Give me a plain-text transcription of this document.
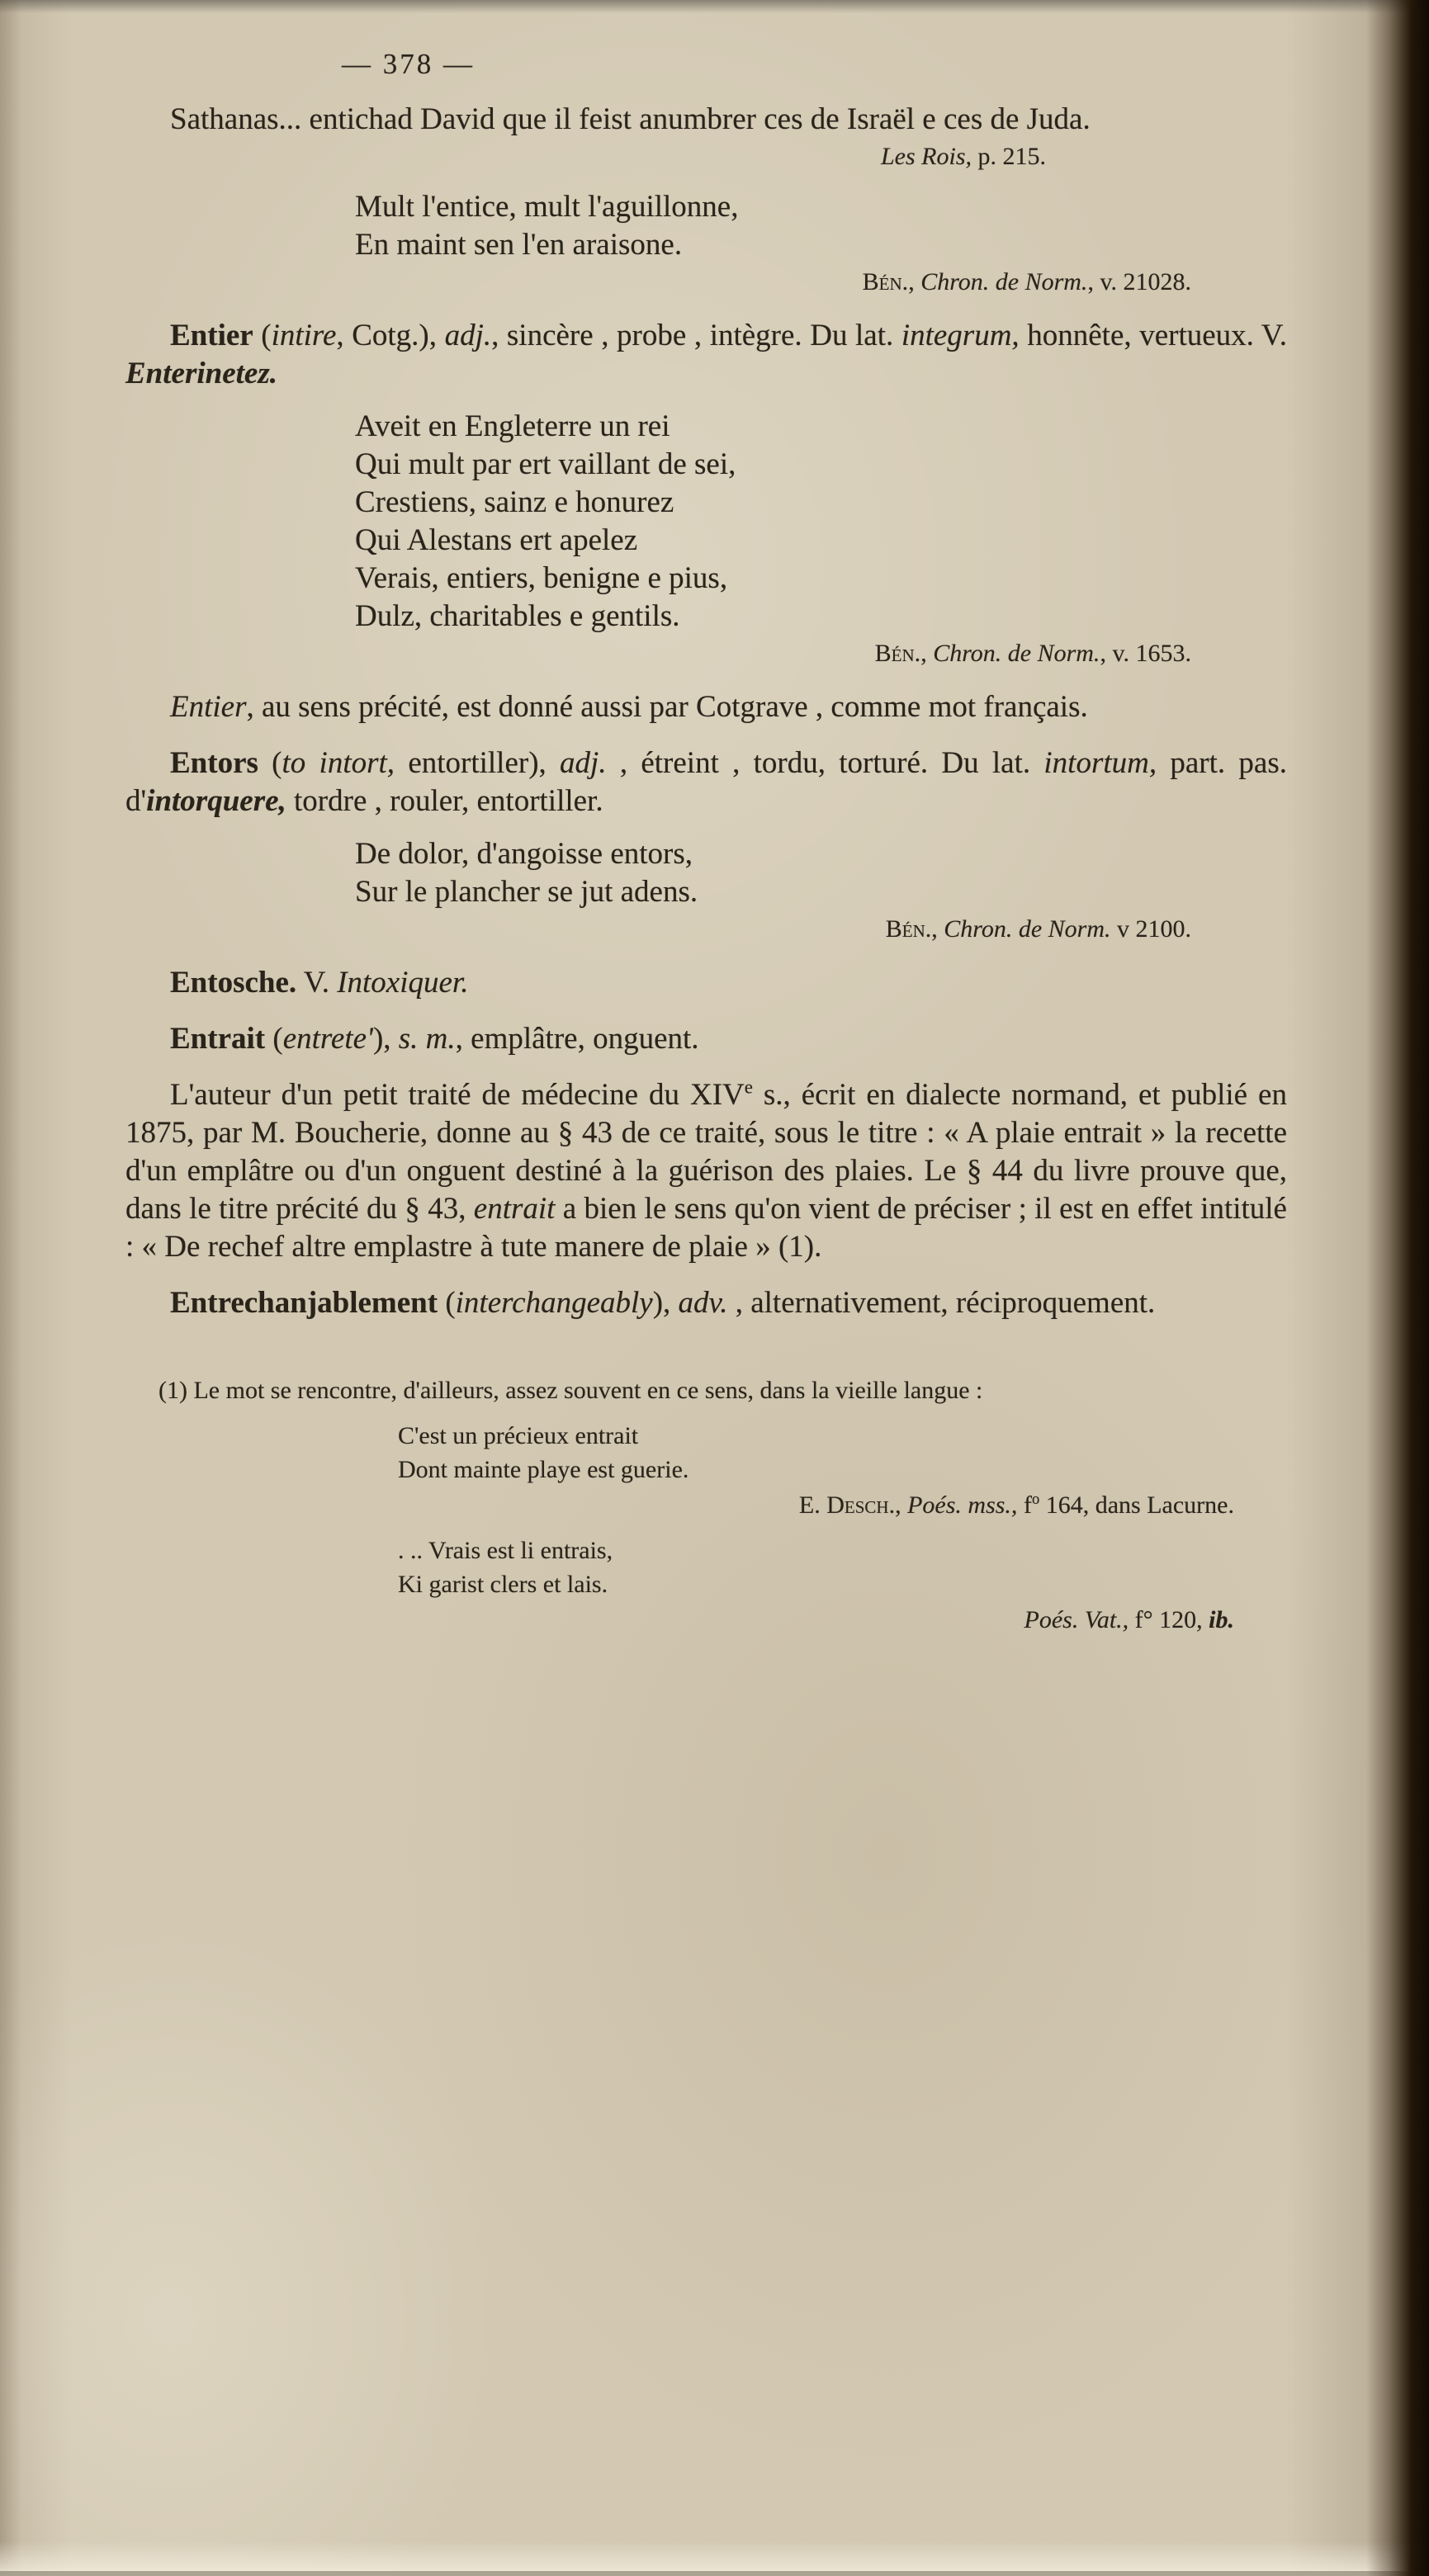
— 378 —
Sathanas... entichad David que il feist anumbrer ces de Israël e ces de Juda.
Les Rois, p. 215.
Mult l'entice, mult l'aguillonne,
En maint sen l'en araisone.
Bén., Chron. de Norm., v. 21028.
Entier (intire, Cotg.), adj., sincère , probe , intègre. Du lat. integrum, honnête, vertueux. V. Enterinetez.
Aveit en Engleterre un rei
Qui mult par ert vaillant de sei,
Crestiens, sainz e honurez
Qui Alestans ert apelez
Verais, entiers, benigne e pius,
Dulz, charitables e gentils.
Bén., Chron. de Norm., v. 1653.
Entier, au sens précité, est donné aussi par Cotgrave , comme mot français.
Entors (to intort, entortiller), adj. , étreint , tordu, torturé. Du lat. intortum, part. pas. d'intorquere, tordre , rouler, entortiller.
De dolor, d'angoisse entors,
Sur le plancher se jut adens.
Bén., Chron. de Norm. v 2100.
Entosche. V. Intoxiquer.
Entrait (entrete'), s. m., emplâtre, onguent.
L'auteur d'un petit traité de médecine du XIVe s., écrit en dialecte normand, et publié en 1875, par M. Boucherie, donne au § 43 de ce traité, sous le titre : « A plaie entrait » la recette d'un emplâtre ou d'un onguent destiné à la guérison des plaies. Le § 44 du livre prouve que, dans le titre précité du § 43, entrait a bien le sens qu'on vient de préciser ; il est en effet intitulé : « De rechef altre emplastre à tute manere de plaie » (1).
Entrechanjablement (interchangeably), adv. , alternativement, réciproquement.
(1) Le mot se rencontre, d'ailleurs, assez souvent en ce sens, dans la vieille langue :
C'est un précieux entrait
Dont mainte playe est guerie.
E. Desch., Poés. mss., $f^o$ 164, dans Lacurne.
. .. Vrais est li entrais,
Ki garist clers et lais.
Poés. Vat., f° 120, ib.
